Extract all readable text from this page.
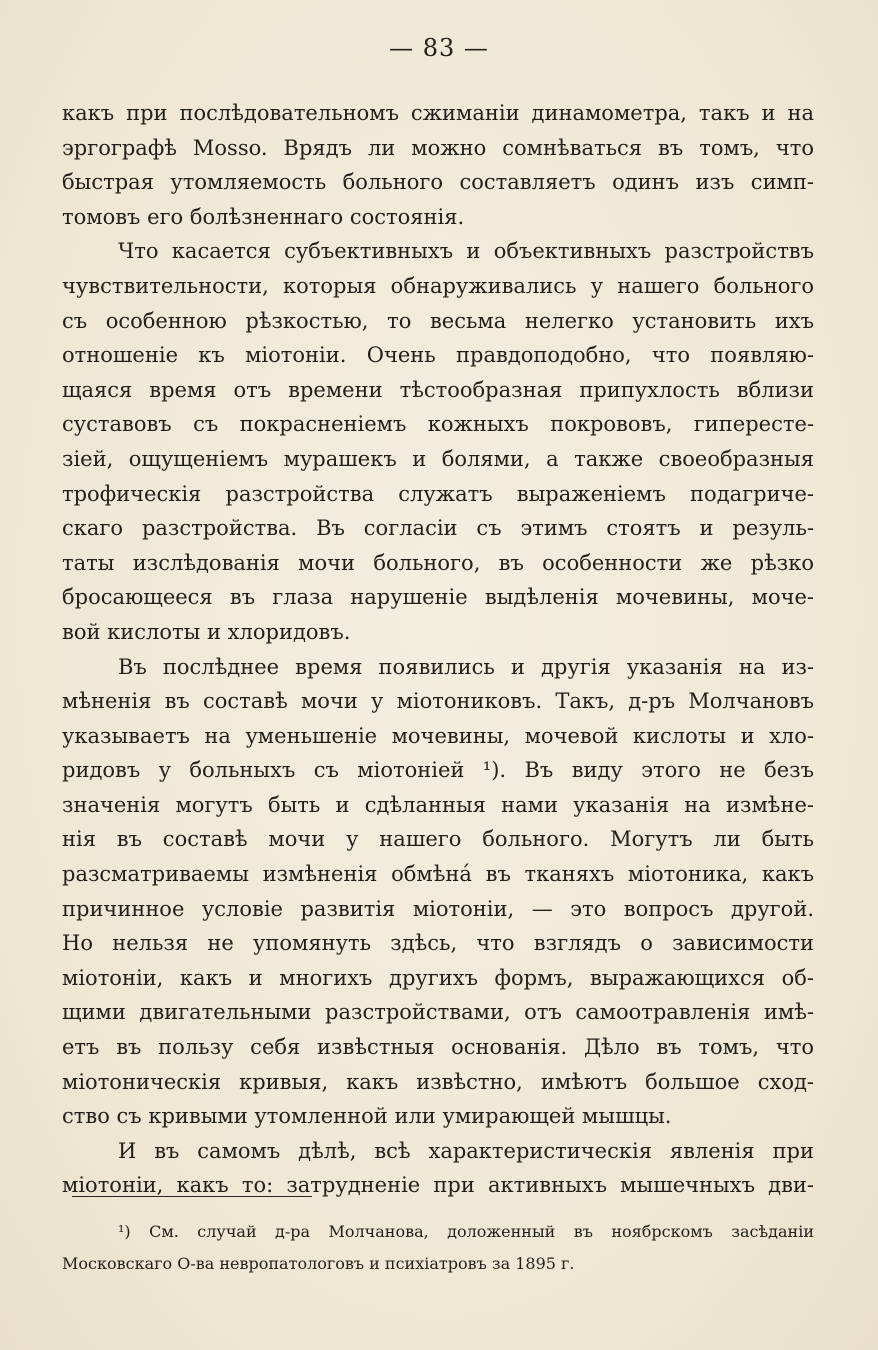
— 83 —
какъ при послѣдовательномъ сжиманіи динамометра, такъ и на
эргографѣ Mosso. Врядъ ли можно сомнѣваться въ томъ, что
быстрая утомляемость больного составляетъ одинъ изъ симп-
томовъ его болѣзненнаго состоянія.
Что касается субъективныхъ и объективныхъ разстройствъ
чувствительности, которыя обнаруживались у нашего больного
съ особенною рѣзкостью, то весьма нелегко установить ихъ
отношеніе къ міотоніи. Очень правдоподобно, что появляю-
щаяся время отъ времени тѣстообразная припухлость вблизи
суставовъ съ покрасненіемъ кожныхъ покрововъ, гипересте-
зіей, ощущеніемъ мурашекъ и болями, а также своеобразныя
трофическія разстройства служатъ выраженіемъ подагриче-
скаго разстройства. Въ согласіи съ этимъ стоятъ и резуль-
таты изслѣдованія мочи больного, въ особенности же рѣзко
бросающееся въ глаза нарушеніе выдѣленія мочевины, моче-
вой кислоты и хлоридовъ.
Въ послѣднее время появились и другія указанія на из-
мѣненія въ составѣ мочи у міотониковъ. Такъ, д-ръ Молчановъ
указываетъ на уменьшеніе мочевины, мочевой кислоты и хло-
ридовъ у больныхъ съ міотоніей ¹). Въ виду этого не безъ
значенія могутъ быть и сдѣланныя нами указанія на измѣне-
нія въ составѣ мочи у нашего больного. Могутъ ли быть
разсматриваемы измѣненія обмѣна́ въ тканяхъ міотоника, какъ
причинное условіе развитія міотоніи, — это вопросъ другой.
Но нельзя не упомянуть здѣсь, что взглядъ о зависимости
міотоніи, какъ и многихъ другихъ формъ, выражающихся об-
щими двигательными разстройствами, отъ самоотравленія имѣ-
етъ въ пользу себя извѣстныя основанія. Дѣло въ томъ, что
міотоническія кривыя, какъ извѣстно, имѣютъ большое сход-
ство съ кривыми утомленной или умирающей мышцы.
И въ самомъ дѣлѣ, всѣ характеристическія явленія при
міотоніи, какъ то: затрудненіе при активныхъ мышечныхъ дви-
¹) См. случай д-ра Молчанова, доложенный въ ноябрскомъ засѣданіи
Московскаго О-ва невропатологовъ и психіатровъ за 1895 г.
